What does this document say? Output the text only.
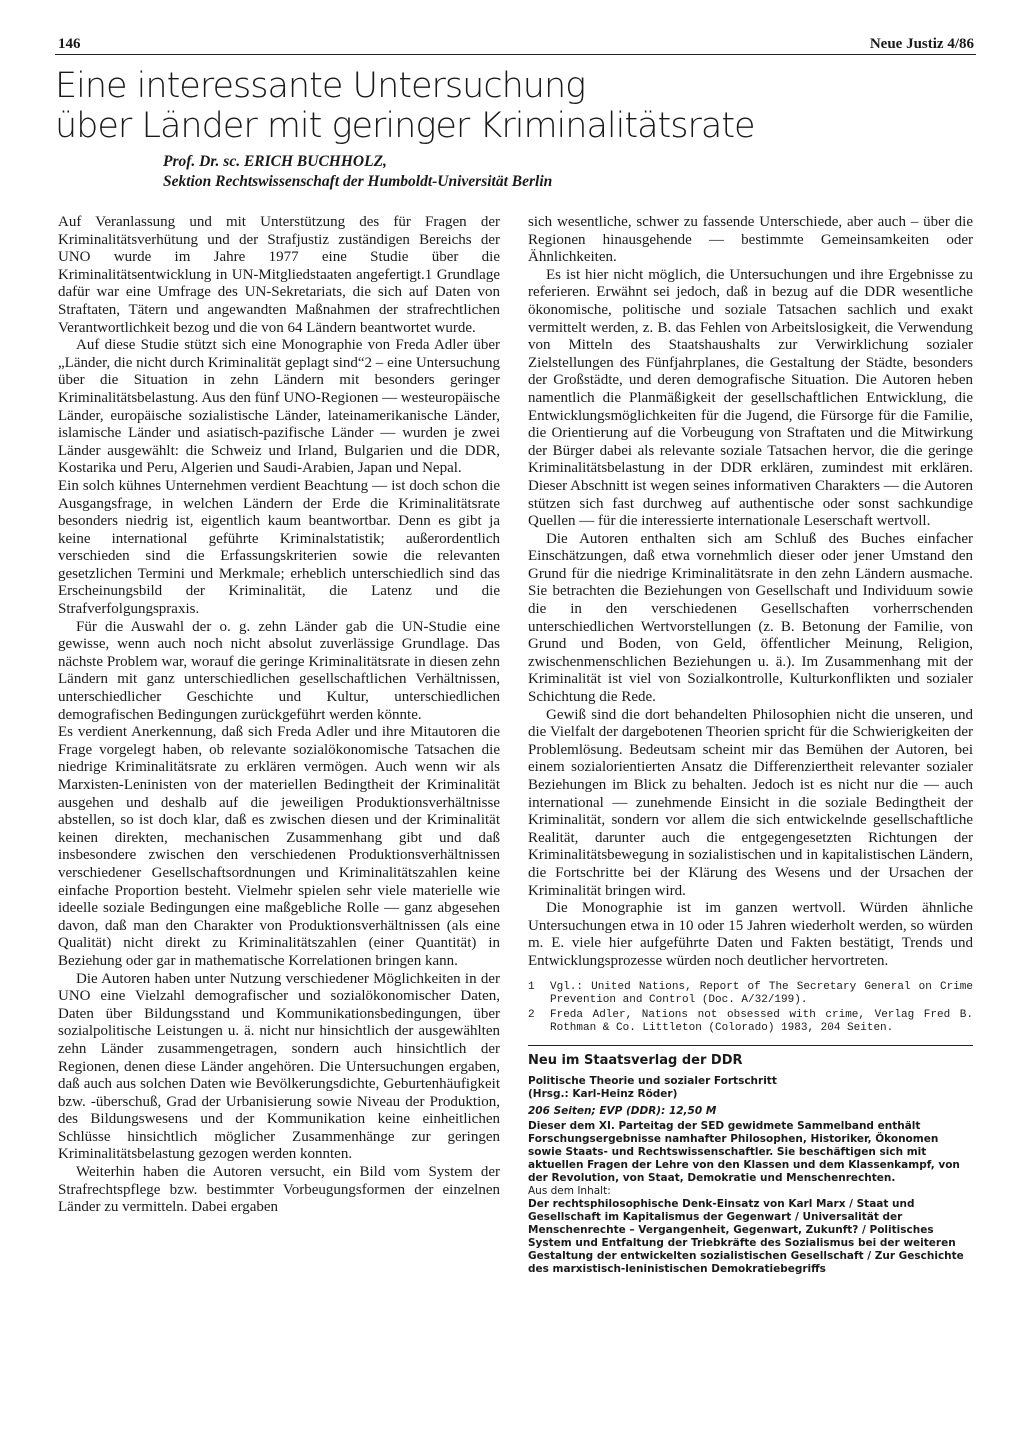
146	Neue Justiz 4/86
Eine interessante Untersuchung
über Länder mit geringer Kriminalitätsrate
Prof. Dr. sc. ERICH BUCHHOLZ,
Sektion Rechtswissenschaft der Humboldt-Universität Berlin

Auf Veranlassung und mit Unterstützung des für Fragen der Kriminalitätsverhütung und der Strafjustiz zuständigen Bereichs der UNO wurde im Jahre 1977 eine Studie über die Kriminalitätsentwicklung in UN-Mitgliedstaaten angefertigt.1 Grundlage dafür war eine Umfrage des UN-Sekretariats, die sich auf Daten von Straftaten, Tätern und angewandten Maßnahmen der strafrechtlichen Verantwortlichkeit bezog und die von 64 Ländern beantwortet wurde.

Auf diese Studie stützt sich eine Monographie von Freda Adler über „Länder, die nicht durch Kriminalität geplagt sind“2 – eine Untersuchung über die Situation in zehn Ländern mit besonders geringer Kriminalitätsbelastung. Aus den fünf UNO-Regionen — westeuropäische Länder, europäische sozialistische Länder, lateinamerikanische Länder, islamische Länder und asiatisch-pazifische Länder — wurden je zwei Länder ausgewählt: die Schweiz und Irland, Bulgarien und die DDR, Kostarika und Peru, Algerien und Saudi-Arabien, Japan und Nepal.

Ein solch kühnes Unternehmen verdient Beachtung — ist doch schon die Ausgangsfrage, in welchen Ländern der Erde die Kriminalitätsrate besonders niedrig ist, eigentlich kaum beantwortbar. Denn es gibt ja keine international geführte Kriminalstatistik; außerordentlich verschieden sind die Erfassungskriterien sowie die relevanten gesetzlichen Termini und Merkmale; erheblich unterschiedlich sind das Erscheinungsbild der Kriminalität, die Latenz und die Strafverfolgungspraxis.

Für die Auswahl der o. g. zehn Länder gab die UN-Studie eine gewisse, wenn auch noch nicht absolut zuverlässige Grundlage. Das nächste Problem war, worauf die geringe Kriminalitätsrate in diesen zehn Ländern mit ganz unterschiedlichen gesellschaftlichen Verhältnissen, unterschiedlicher Geschichte und Kultur, unterschiedlichen demografischen Bedingungen zurückgeführt werden könnte.

Es verdient Anerkennung, daß sich Freda Adler und ihre Mitautoren die Frage vorgelegt haben, ob relevante sozialökonomische Tatsachen die niedrige Kriminalitätsrate zu erklären vermögen. Auch wenn wir als Marxisten-Leninisten von der materiellen Bedingtheit der Kriminalität ausgehen und deshalb auf die jeweiligen Produktionsverhältnisse abstellen, so ist doch klar, daß es zwischen diesen und der Kriminalität keinen direkten, mechanischen Zusammenhang gibt und daß insbesondere zwischen den verschiedenen Produktionsverhältnissen verschiedener Gesellschaftsordnungen und Kriminalitätszahlen keine einfache Proportion besteht. Vielmehr spielen sehr viele materielle wie ideelle soziale Bedingungen eine maßgebliche Rolle — ganz abgesehen davon, daß man den Charakter von Produktionsverhältnissen (als eine Qualität) nicht direkt zu Kriminalitätszahlen (einer Quantität) in Beziehung oder gar in mathematische Korrelationen bringen kann.

Die Autoren haben unter Nutzung verschiedener Möglichkeiten in der UNO eine Vielzahl demografischer und sozialökonomischer Daten, Daten über Bildungsstand und Kommunikationsbedingungen, über sozialpolitische Leistungen u. ä. nicht nur hinsichtlich der ausgewählten zehn Länder zusammengetragen, sondern auch hinsichtlich der Regionen, denen diese Länder angehören. Die Untersuchungen ergaben, daß auch aus solchen Daten wie Bevölkerungsdichte, Geburtenhäufigkeit bzw. -überschuß, Grad der Urbanisierung sowie Niveau der Produktion, des Bildungswesens und der Kommunikation keine einheitlichen Schlüsse hinsichtlich möglicher Zusammenhänge zur geringen Kriminalitätsbelastung gezogen werden konnten.

Weiterhin haben die Autoren versucht, ein Bild vom System der Strafrechtspflege bzw. bestimmter Vorbeugungsformen der einzelnen Länder zu vermitteln. Dabei ergaben

sich wesentliche, schwer zu fassende Unterschiede, aber auch – über die Regionen hinausgehende — bestimmte Gemeinsamkeiten oder Ähnlichkeiten.

Es ist hier nicht möglich, die Untersuchungen und ihre Ergebnisse zu referieren. Erwähnt sei jedoch, daß in bezug auf die DDR wesentliche ökonomische, politische und soziale Tatsachen sachlich und exakt vermittelt werden, z. B. das Fehlen von Arbeitslosigkeit, die Verwendung von Mitteln des Staatshaushalts zur Verwirklichung sozialer Zielstellungen des Fünfjahrplanes, die Gestaltung der Städte, besonders der Großstädte, und deren demografische Situation. Die Autoren heben namentlich die Planmäßigkeit der gesellschaftlichen Entwicklung, die Entwicklungsmöglichkeiten für die Jugend, die Fürsorge für die Familie, die Orientierung auf die Vorbeugung von Straftaten und die Mitwirkung der Bürger dabei als relevante soziale Tatsachen hervor, die die geringe Kriminalitätsbelastung in der DDR erklären, zumindest mit erklären. Dieser Abschnitt ist wegen seines informativen Charakters — die Autoren stützen sich fast durchweg auf authentische oder sonst sachkundige Quellen — für die interessierte internationale Leserschaft wertvoll.

Die Autoren enthalten sich am Schluß des Buches einfacher Einschätzungen, daß etwa vornehmlich dieser oder jener Umstand den Grund für die niedrige Kriminalitätsrate in den zehn Ländern ausmache. Sie betrachten die Beziehungen von Gesellschaft und Individuum sowie die in den verschiedenen Gesellschaften vorherrschenden unterschiedlichen Wertvorstellungen (z. B. Betonung der Familie, von Grund und Boden, von Geld, öffentlicher Meinung, Religion, zwischenmenschlichen Beziehungen u. ä.). Im Zusammenhang mit der Kriminalität ist viel von Sozialkontrolle, Kulturkonflikten und sozialer Schichtung die Rede.

Gewiß sind die dort behandelten Philosophien nicht die unseren, und die Vielfalt der dargebotenen Theorien spricht für die Schwierigkeiten der Problemlösung. Bedeutsam scheint mir das Bemühen der Autoren, bei einem sozialorientierten Ansatz die Differenziertheit relevanter sozialer Beziehungen im Blick zu behalten. Jedoch ist es nicht nur die — auch international — zunehmende Einsicht in die soziale Bedingtheit der Kriminalität, sondern vor allem die sich entwickelnde gesellschaftliche Realität, darunter auch die entgegengesetzten Richtungen der Kriminalitätsbewegung in sozialistischen und in kapitalistischen Ländern, die Fortschritte bei der Klärung des Wesens und der Ursachen der Kriminalität bringen wird.

Die Monographie ist im ganzen wertvoll. Würden ähnliche Untersuchungen etwa in 10 oder 15 Jahren wiederholt werden, so würden m. E. viele hier aufgeführte Daten und Fakten bestätigt, Trends und Entwicklungsprozesse würden noch deutlicher hervortreten.

1	Vgl.: United Nations, Report of The Secretary General on Crime Prevention and Control (Doc. A/32/199).
2	Freda Adler, Nations not obsessed with crime, Verlag Fred B. Rothman & Co. Littleton (Colorado) 1983, 204 Seiten.
Neu im Staatsverlag der DDR
Politische Theorie und sozialer Fortschritt
(Hrsg.: Karl-Heinz Röder)
206 Seiten; EVP (DDR): 12,50 M
Dieser dem XI. Parteitag der SED gewidmete Sammelband enthält Forschungsergebnisse namhafter Philosophen, Historiker, Ökonomen sowie Staats- und Rechtswissenschaftler. Sie beschäftigen sich mit aktuellen Fragen der Lehre von den Klassen und dem Klassenkampf, von der Revolution, von Staat, Demokratie und Menschenrechten.
Aus dem Inhalt:
Der rechtsphilosophische Denk-Einsatz von Karl Marx / Staat und Gesellschaft im Kapitalismus der Gegenwart / Universalität der Menschenrechte – Vergangenheit, Gegenwart, Zukunft? / Politisches System und Entfaltung der Triebkräfte des Sozialismus bei der weiteren Gestaltung der entwickelten sozialistischen Gesellschaft / Zur Geschichte des marxistisch-leninistischen Demokratiebegriffs
